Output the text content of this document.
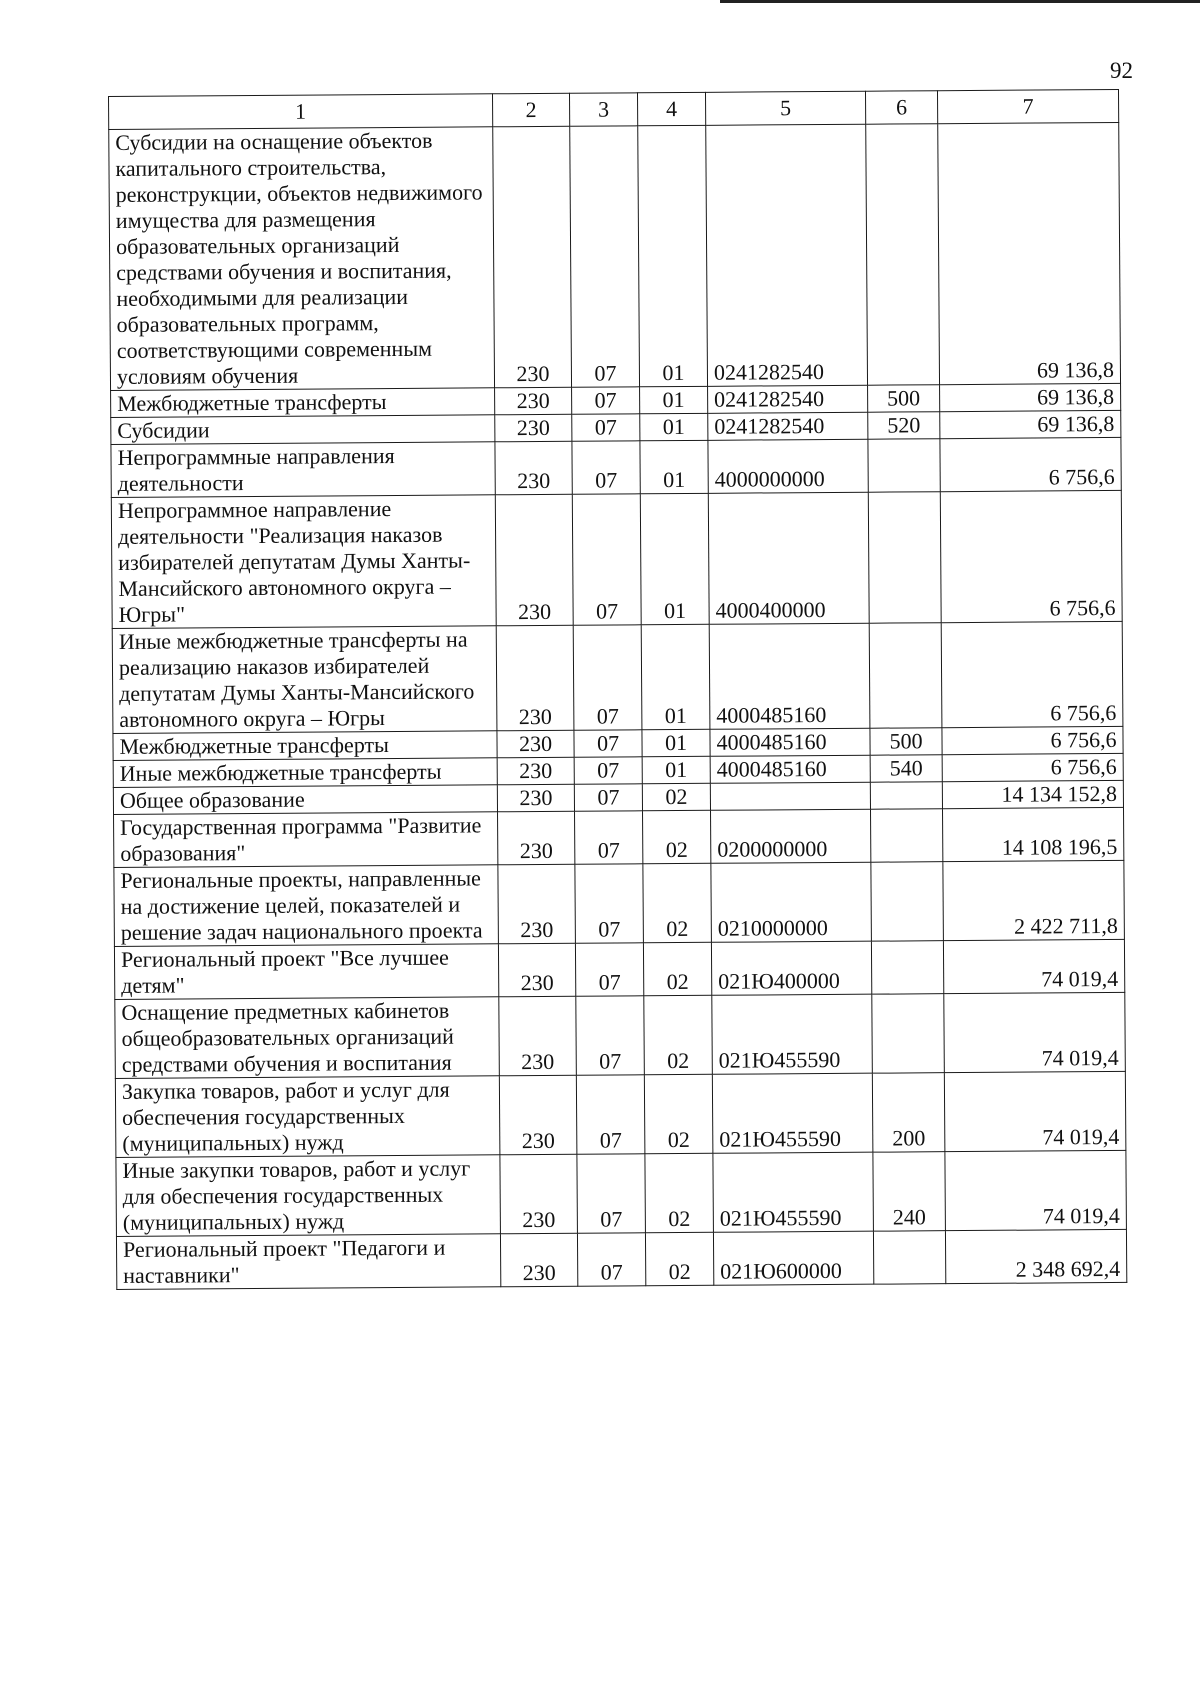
92
1	2	3	4	5	6	7
Субсидии на оснащение объектов капитального строительства, реконструкции, объектов недвижимого имущества для размещения образовательных организаций средствами обучения и воспитания, необходимыми для реализации образовательных программ, соответствующими современным условиям обучения	230	07	01	0241282540		69 136,8
Межбюджетные трансферты	230	07	01	0241282540	500	69 136,8
Субсидии	230	07	01	0241282540	520	69 136,8
Непрограммные направления деятельности	230	07	01	4000000000		6 756,6
Непрограммное направление деятельности "Реализация наказов избирателей депутатам Думы Ханты-Мансийского автономного округа – Югры"	230	07	01	4000400000		6 756,6
Иные межбюджетные трансферты на реализацию наказов избирателей депутатам Думы Ханты-Мансийского автономного округа – Югры	230	07	01	4000485160		6 756,6
Межбюджетные трансферты	230	07	01	4000485160	500	6 756,6
Иные межбюджетные трансферты	230	07	01	4000485160	540	6 756,6
Общее образование	230	07	02			14 134 152,8
Государственная программа "Развитие образования"	230	07	02	0200000000		14 108 196,5
Региональные проекты, направленные на достижение целей, показателей и решение задач национального проекта	230	07	02	0210000000		2 422 711,8
Региональный проект "Все лучшее детям"	230	07	02	021Ю400000		74 019,4
Оснащение предметных кабинетов общеобразовательных организаций средствами обучения и воспитания	230	07	02	021Ю455590		74 019,4
Закупка товаров, работ и услуг для обеспечения государственных (муниципальных) нужд	230	07	02	021Ю455590	200	74 019,4
Иные закупки товаров, работ и услуг для обеспечения государственных (муниципальных) нужд	230	07	02	021Ю455590	240	74 019,4
Региональный проект "Педагоги и наставники"	230	07	02	021Ю600000		2 348 692,4
